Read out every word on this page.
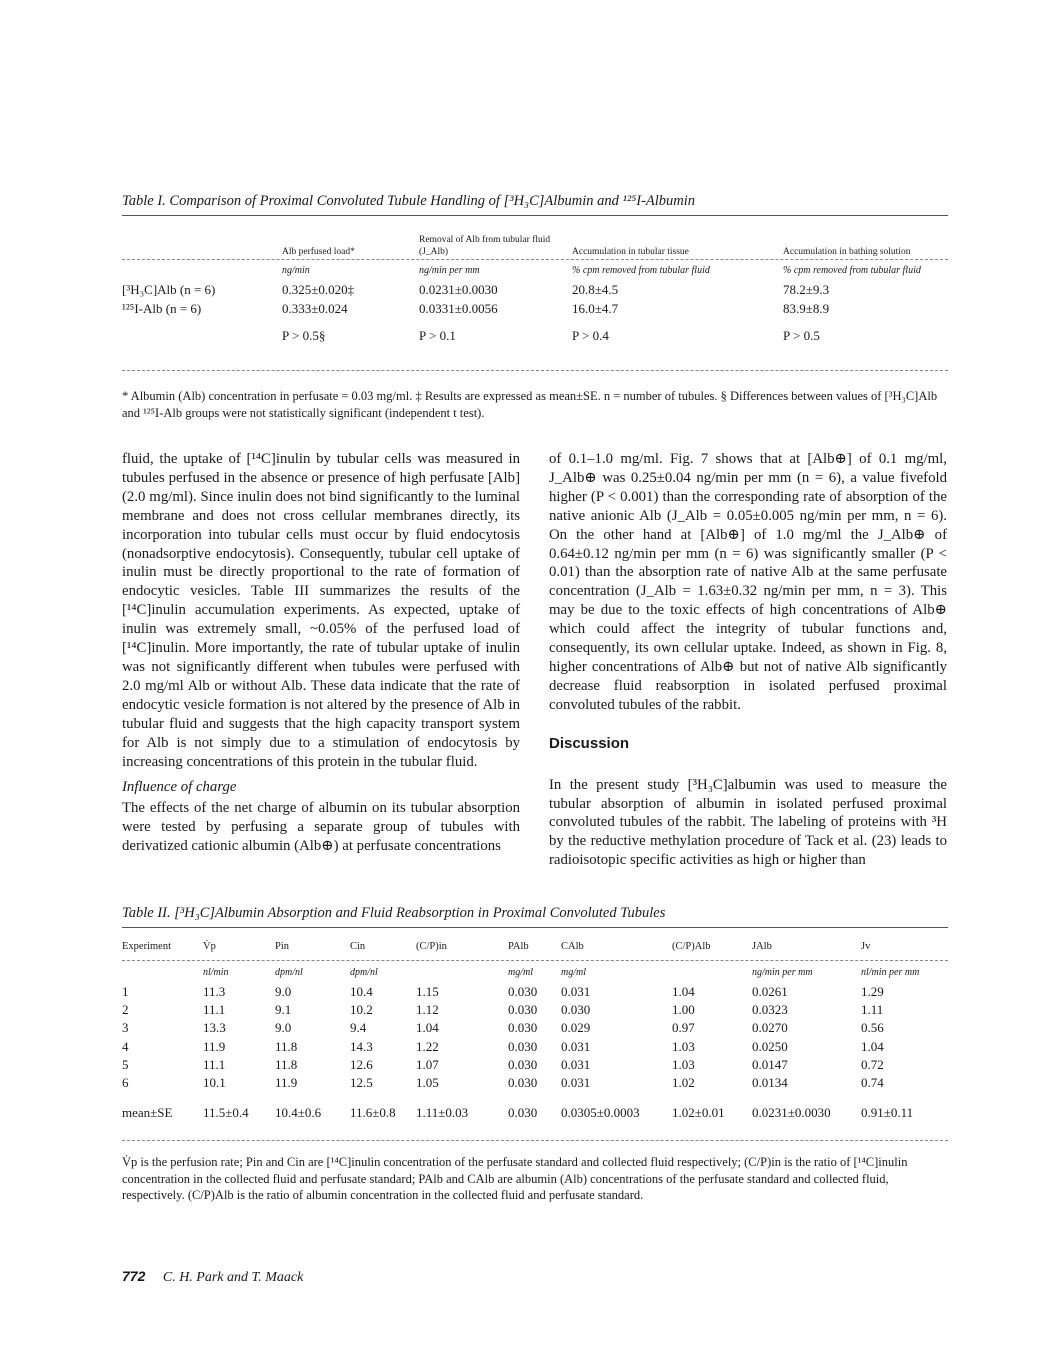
Table I. Comparison of Proximal Convoluted Tubule Handling of [³H₃C]Albumin and ¹²⁵I-Albumin
	Alb perfused load*	Removal of Alb from tubular fluid (J_Alb)	Accumulation in tubular tissue	Accumulation in bathing solution
	ng/min	ng/min per mm	% cpm removed from tubular fluid	% cpm removed from tubular fluid
[³H₃C]Alb (n = 6)	0.325±0.020‡	0.0231±0.0030	20.8±4.5	78.2±9.3
¹²⁵I-Alb (n = 6)	0.333±0.024	0.0331±0.0056	16.0±4.7	83.9±8.9
	P > 0.5§	P > 0.1	P > 0.4	P > 0.5
* Albumin (Alb) concentration in perfusate = 0.03 mg/ml. ‡ Results are expressed as mean±SE. n = number of tubules. § Differences between values of [³H₃C]Alb and ¹²⁵I-Alb groups were not statistically significant (independent t test).

fluid, the uptake of [¹⁴C]inulin by tubular cells was measured in tubules perfused in the absence or presence of high perfusate [Alb] (2.0 mg/ml). Since inulin does not bind significantly to the luminal membrane and does not cross cellular membranes directly, its incorporation into tubular cells must occur by fluid endocytosis (nonadsorptive endocytosis). Consequently, tubular cell uptake of inulin must be directly proportional to the rate of formation of endocytic vesicles. Table III summarizes the results of the [¹⁴C]inulin accumulation experiments. As expected, uptake of inulin was extremely small, ~0.05% of the perfused load of [¹⁴C]inulin. More importantly, the rate of tubular uptake of inulin was not significantly different when tubules were perfused with 2.0 mg/ml Alb or without Alb. These data indicate that the rate of endocytic vesicle formation is not altered by the presence of Alb in tubular fluid and suggests that the high capacity transport system for Alb is not simply due to a stimulation of endocytosis by increasing concentrations of this protein in the tubular fluid.

Influence of charge

The effects of the net charge of albumin on its tubular absorption were tested by perfusing a separate group of tubules with derivatized cationic albumin (Alb⊕) at perfusate concentrations

of 0.1–1.0 mg/ml. Fig. 7 shows that at [Alb⊕] of 0.1 mg/ml, J_Alb⊕ was 0.25±0.04 ng/min per mm (n = 6), a value fivefold higher (P < 0.001) than the corresponding rate of absorption of the native anionic Alb (J_Alb = 0.05±0.005 ng/min per mm, n = 6). On the other hand at [Alb⊕] of 1.0 mg/ml the J_Alb⊕ of 0.64±0.12 ng/min per mm (n = 6) was significantly smaller (P < 0.01) than the absorption rate of native Alb at the same perfusate concentration (J_Alb = 1.63±0.32 ng/min per mm, n = 3). This may be due to the toxic effects of high concentrations of Alb⊕ which could affect the integrity of tubular functions and, consequently, its own cellular uptake. Indeed, as shown in Fig. 8, higher concentrations of Alb⊕ but not of native Alb significantly decrease fluid reabsorption in isolated perfused proximal convoluted tubules of the rabbit.

Discussion

In the present study [³H₃C]albumin was used to measure the tubular absorption of albumin in isolated perfused proximal convoluted tubules of the rabbit. The labeling of proteins with ³H by the reductive methylation procedure of Tack et al. (23) leads to radioisotopic specific activities as high or higher than

Table II. [³H₃C]Albumin Absorption and Fluid Reabsorption in Proximal Convoluted Tubules
Experiment	V̇p	Pin	Cin	(C/P)in	PAlb	CAlb	(C/P)Alb	JAlb	Jv
	nl/min	dpm/nl	dpm/nl		mg/ml	mg/ml		ng/min per mm	nl/min per mm
1	11.3	9.0	10.4	1.15	0.030	0.031	1.04	0.0261	1.29
2	11.1	9.1	10.2	1.12	0.030	0.030	1.00	0.0323	1.11
3	13.3	9.0	9.4	1.04	0.030	0.029	0.97	0.0270	0.56
4	11.9	11.8	14.3	1.22	0.030	0.031	1.03	0.0250	1.04
5	11.1	11.8	12.6	1.07	0.030	0.031	1.03	0.0147	0.72
6	10.1	11.9	12.5	1.05	0.030	0.031	1.02	0.0134	0.74
mean±SE	11.5±0.4	10.4±0.6	11.6±0.8	1.11±0.03	0.030	0.0305±0.0003	1.02±0.01	0.0231±0.0030	0.91±0.11
V̇p is the perfusion rate; Pin and Cin are [¹⁴C]inulin concentration of the perfusate standard and collected fluid respectively; (C/P)in is the ratio of [¹⁴C]inulin concentration in the collected fluid and perfusate standard; PAlb and CAlb are albumin (Alb) concentrations of the perfusate standard and collected fluid, respectively. (C/P)Alb is the ratio of albumin concentration in the collected fluid and perfusate standard.
772 C. H. Park and T. Maack
